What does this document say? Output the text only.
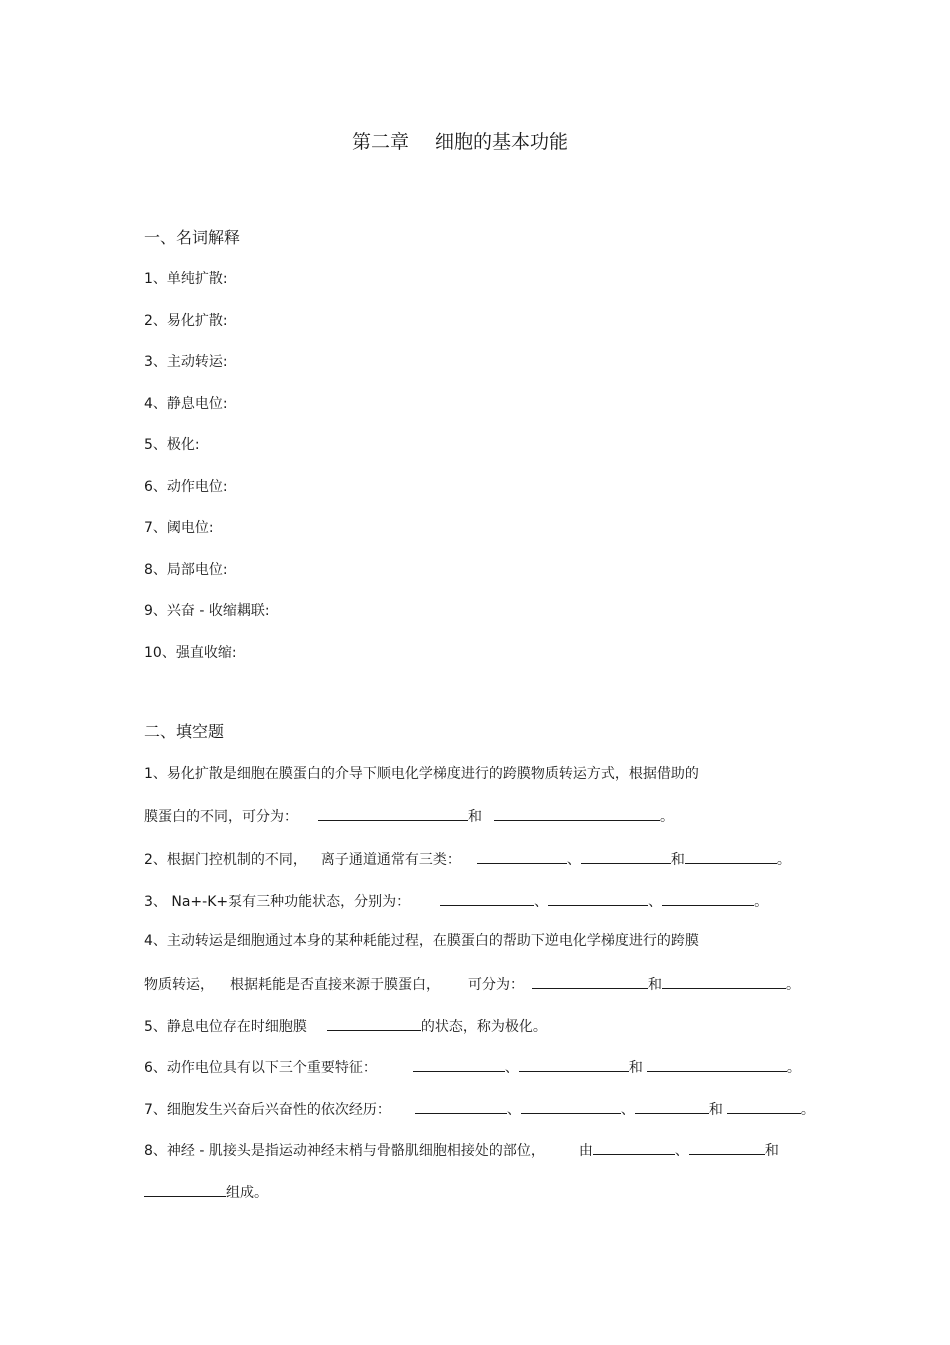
第二章 细胞的基本功能
一、名词解释
1、单纯扩散:
2、易化扩散:
3、主动转运:
4、静息电位:
5、极化:
6、动作电位:
7、阈电位:
8、局部电位:
9、兴奋 - 收缩耦联:
10、强直收缩:
二、填空题
1、易化扩散是细胞在膜蛋白的介导下顺电化学梯度进行的跨膜物质转运方式，根据借助的
膜蛋白的不同，可分为：	和	。
2、根据门控机制的不同， 离子通道通常有三类：	、	和	。
3、 Na+-K+泵有三种功能状态，分别为：	、	、	。
4、主动转运是细胞通过本身的某种耗能过程，在膜蛋白的帮助下逆电化学梯度进行的跨膜
物质转运， 根据耗能是否直接来源于膜蛋白， 可分为：	和	。
5、静息电位存在时细胞膜	的状态，称为极化。
6、动作电位具有以下三个重要特征：	、	和	。
7、细胞发生兴奋后兴奋性的依次经历：	、	、	和	。
8、神经 - 肌接头是指运动神经末梢与骨骼肌细胞相接处的部位， 由	、	和
组成。
